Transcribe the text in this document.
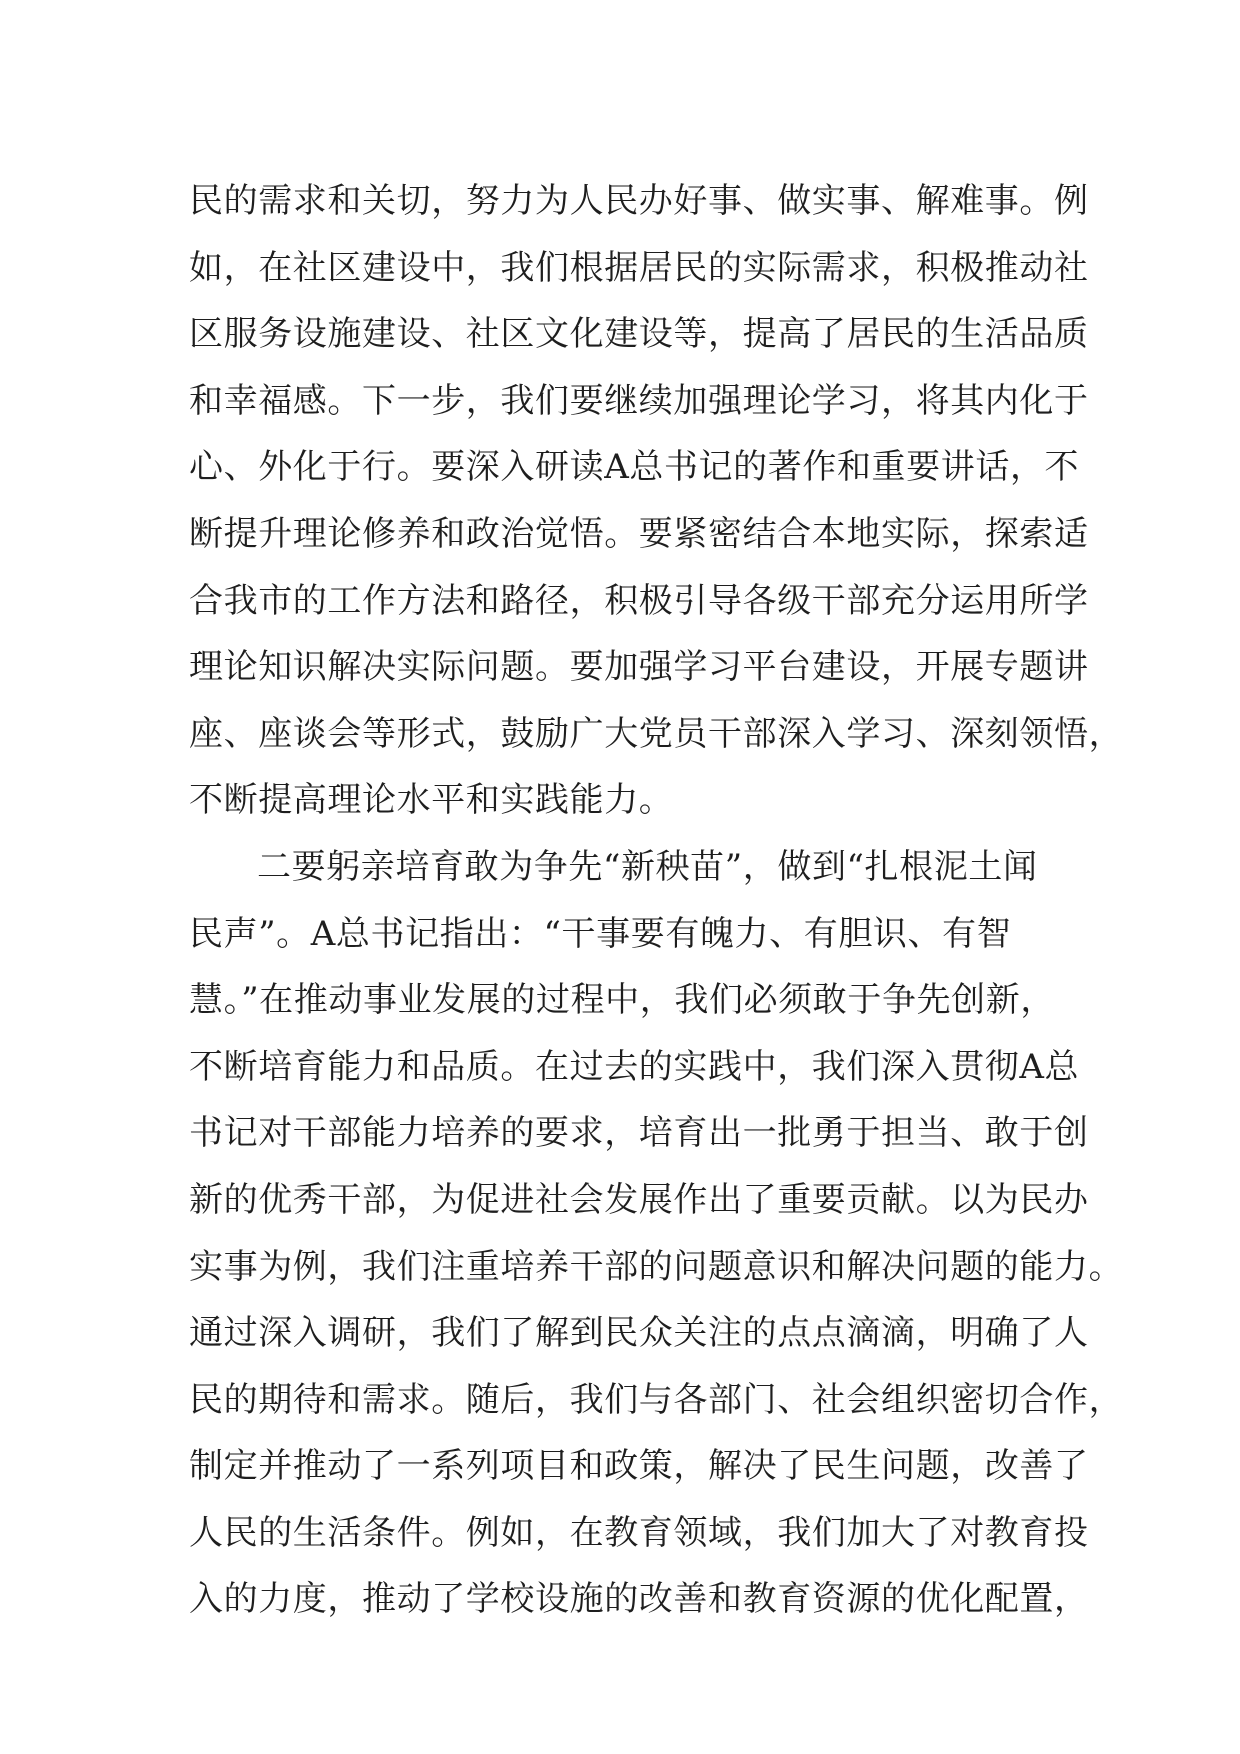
民的需求和关切，努力为人民办好事、做实事、解难事。例
如，在社区建设中，我们根据居民的实际需求，积极推动社
区服务设施建设、社区文化建设等，提高了居民的生活品质
和幸福感。下一步，我们要继续加强理论学习，将其内化于
心、外化于行。要深入研读A总书记的著作和重要讲话，不
断提升理论修养和政治觉悟。要紧密结合本地实际，探索适
合我市的工作方法和路径，积极引导各级干部充分运用所学
理论知识解决实际问题。要加强学习平台建设，开展专题讲
座、座谈会等形式，鼓励广大党员干部深入学习、深刻领悟，
不断提高理论水平和实践能力。
二要躬亲培育敢为争先“新秧苗”，做到“扎根泥土闻
民声”。A总书记指出：“干事要有魄力、有胆识、有智
慧。”在推动事业发展的过程中，我们必须敢于争先创新，
不断培育能力和品质。在过去的实践中，我们深入贯彻A总
书记对干部能力培养的要求，培育出一批勇于担当、敢于创
新的优秀干部，为促进社会发展作出了重要贡献。以为民办
实事为例，我们注重培养干部的问题意识和解决问题的能力。
通过深入调研，我们了解到民众关注的点点滴滴，明确了人
民的期待和需求。随后，我们与各部门、社会组织密切合作，
制定并推动了一系列项目和政策，解决了民生问题，改善了
人民的生活条件。例如，在教育领域，我们加大了对教育投
入的力度，推动了学校设施的改善和教育资源的优化配置，
